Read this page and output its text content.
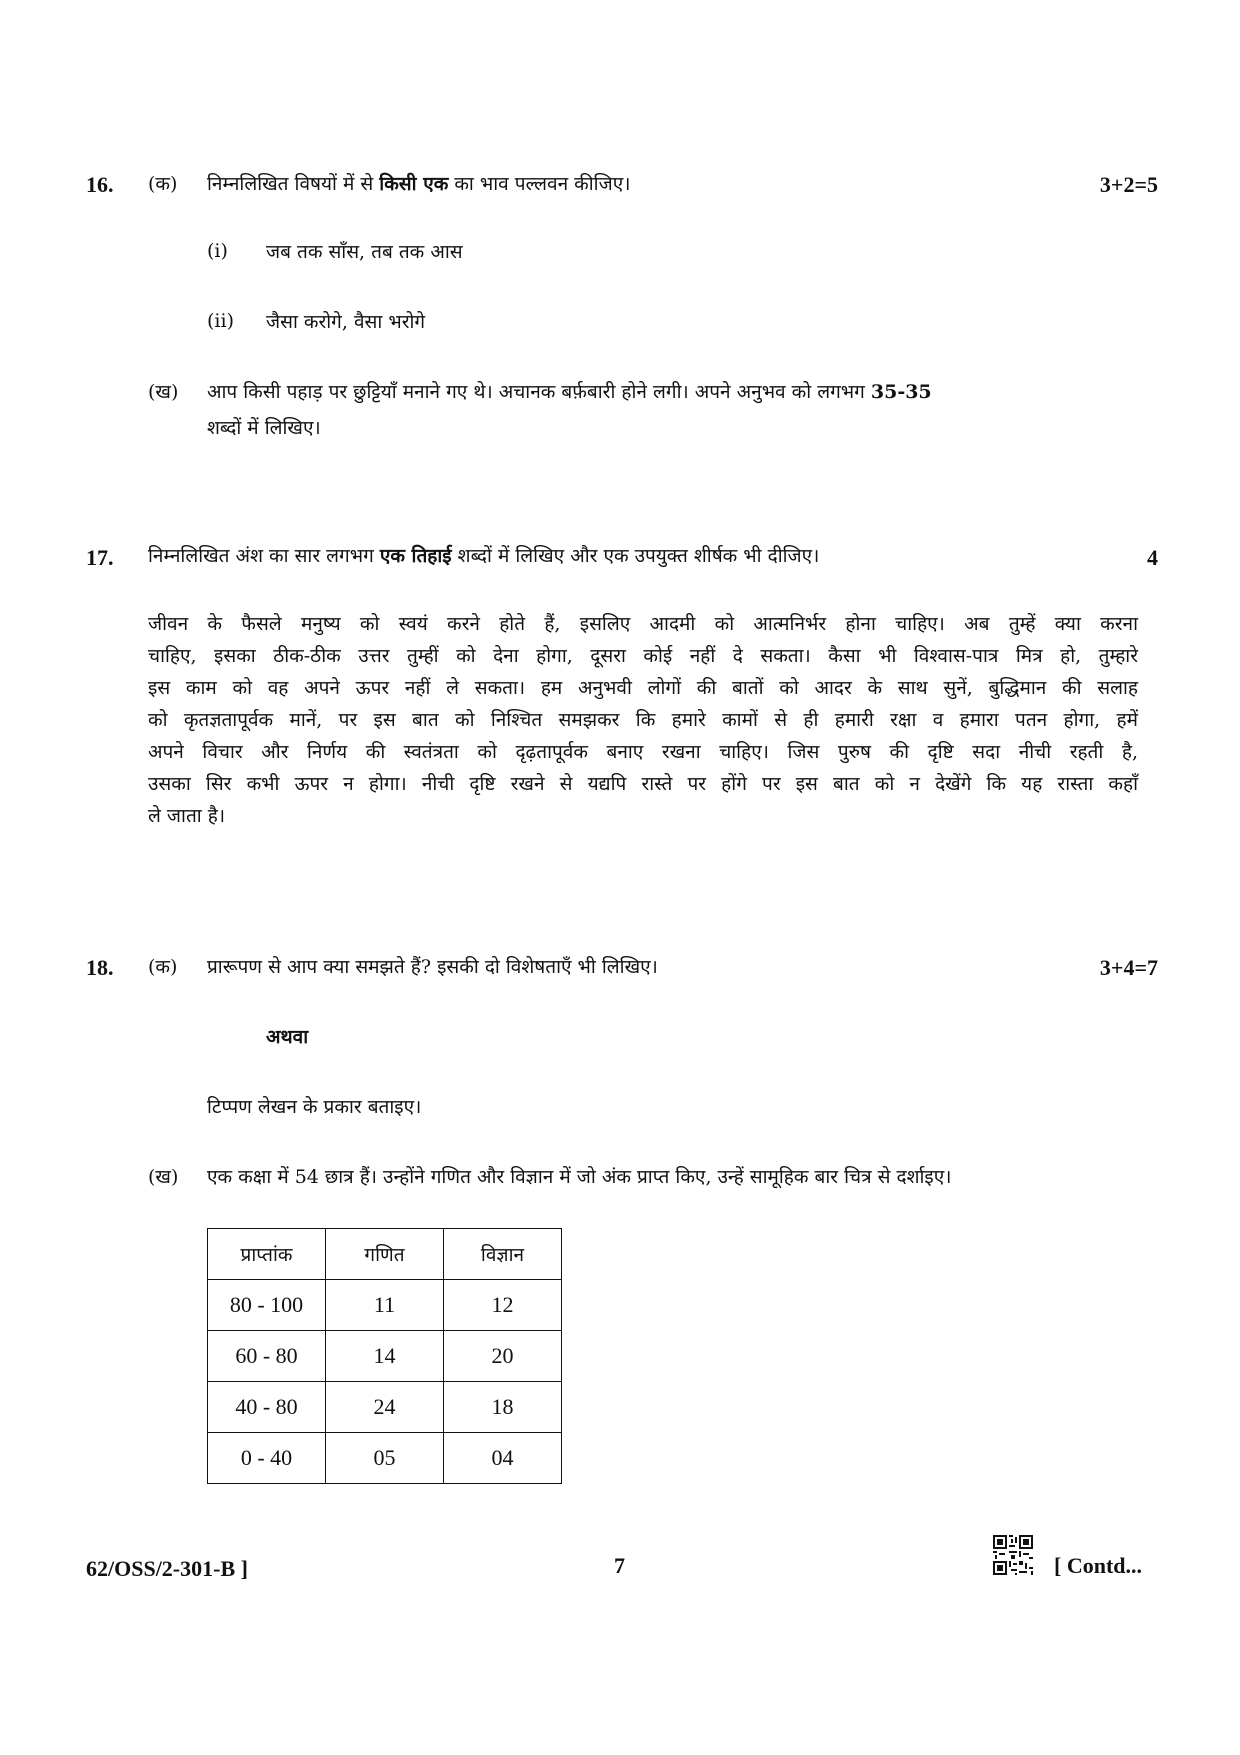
16. (क) निम्नलिखित विषयों में से किसी एक का भाव पल्लवन कीजिए।	3+2=5
(i) जब तक साँस, तब तक आस
(ii) जैसा करोगे, वैसा भरोगे
(ख) आप किसी पहाड़ पर छुट्टियाँ मनाने गए थे। अचानक बर्फ़बारी होने लगी। अपने अनुभव को लगभग 35-35
शब्दों में लिखिए।
17. निम्नलिखित अंश का सार लगभग एक तिहाई शब्दों में लिखिए और एक उपयुक्त शीर्षक भी दीजिए।	4
जीवन के फैसले मनुष्य को स्वयं करने होते हैं, इसलिए आदमी को आत्मनिर्भर होना चाहिए। अब तुम्हें क्या करना
चाहिए, इसका ठीक-ठीक उत्तर तुम्हीं को देना होगा, दूसरा कोई नहीं दे सकता। कैसा भी विश्वास-पात्र मित्र हो, तुम्हारे
इस काम को वह अपने ऊपर नहीं ले सकता। हम अनुभवी लोगों की बातों को आदर के साथ सुनें, बुद्धिमान की सलाह
को कृतज्ञतापूर्वक मानें, पर इस बात को निश्चित समझकर कि हमारे कामों से ही हमारी रक्षा व हमारा पतन होगा, हमें
अपने विचार और निर्णय की स्वतंत्रता को दृढ़तापूर्वक बनाए रखना चाहिए। जिस पुरुष की दृष्टि सदा नीची रहती है,
उसका सिर कभी ऊपर न होगा। नीची दृष्टि रखने से यद्यपि रास्ते पर होंगे पर इस बात को न देखेंगे कि यह रास्ता कहाँ
ले जाता है।
18. (क) प्रारूपण से आप क्या समझते हैं? इसकी दो विशेषताएँ भी लिखिए।	3+4=7
अथवा
टिप्पण लेखन के प्रकार बताइए।
(ख) एक कक्षा में 54 छात्र हैं। उन्होंने गणित और विज्ञान में जो अंक प्राप्त किए, उन्हें सामूहिक बार चित्र से दर्शाइए।
प्राप्तांक	गणित	विज्ञान
80 - 100	11	12
60 - 80	14	20
40 - 80	24	18
0 - 40	05	04
62/OSS/2-301-B ]	7	[ Contd...
